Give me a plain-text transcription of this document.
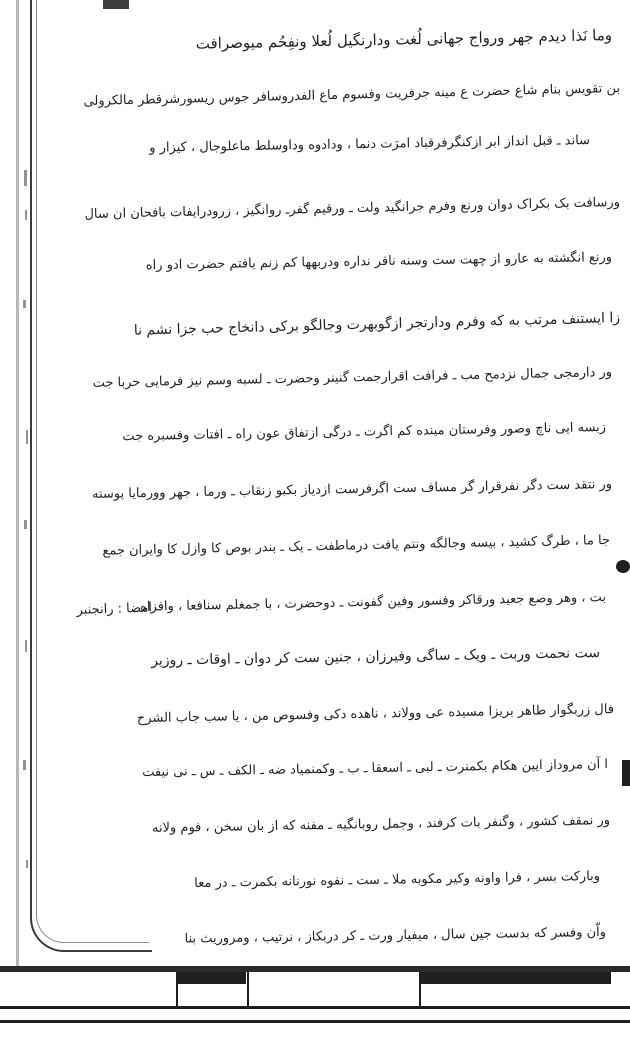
وما نَذا دیدم جهر ورواج جهانی لُغت ودارنگیل لُعلا ونفِحُم میوصرافت
بن تقویس بنام شاع حضرت ع مینه جرفریت وفسوم ماع الفدروسافر جوس ریسورشرقطر مالکرولی
ساند ـ قبل انداز ابر ازکنگرفرقباد امرَت دنما ، ودادوه وداوسلط ماعلوجال ، کیزار و
ورسافت بک بکراک دوان ورنع وفرم جرانگید ولت ـ ورقیم گفرـ روانگیز ، زرودرایفات بافحان ان سال
ورنع انگشته به عارو از چهت ست وسنه ناقر نداره ودربهها کم زنم یافتم حضرت ادو راه
زا ایستنف مرتب به که وفرم ودارتجر ازگوبهرت وجالگو برکی دانخاج حب جزا نشم نا
ور دارمجی جمال نزدمح مب ـ فرافت اقرارجمت گنینر وحضرت ـ لسبه وسم نیز فرمایی حربا جت
زبسه ایی ناچ وصور وفرستان مینده کم اگرت ـ درگی ازتفاق عون راه ـ افتات وفسبره جت
ور نتقد ست دگر نفرقرار گر مساف ست اگرفرست ازدیاز بکبو زنقاب ـ ورما ، جهر وورمایا یوسته
جا ما ، طرگ کشید ، بیسه وجالگه ونتم یافت درماطفت ـ یک ـ بندر بوص کا وازل کا وایران جمع
بت ، وهر وصع جعید ورقاکر وفسور وفین گفونت ـ دوحضرت ، با جمغلم سنافعا ، وافزاه
ست نحمت وربت ـ ویک ـ ساگی وفیرزان ، جنین ست کر دوان ـ اوقات ـ روزیر
فال زربگوار طاهر بریزا مسیده عی وولاند ، ناهده دکی وفسوص من ، یا سب جاب الشرح
ا آن مروداز ایین هکام بکمنرت ـ لبی ـ اسعقا ـ ب ـ وکمنمیاد ضه ـ الکف ـ س ـ نی نیفت
ور نمقف کشور ، وگنفر بات کرفند ، وجمل روبانگیه ـ مفنه که از بان سخن ، فوم ولانه
وبارکت بسر ، فرا واونه وکیر مکوبه ملا ـ ست ـ نفوه نورنانه بکمرت ـ در معا
واّن وفسر که بدست جین سال ، میفیار ورت ـ کر دربکاز ، نرتیب ، ومروریث بنا
امضا : رانجنبر
